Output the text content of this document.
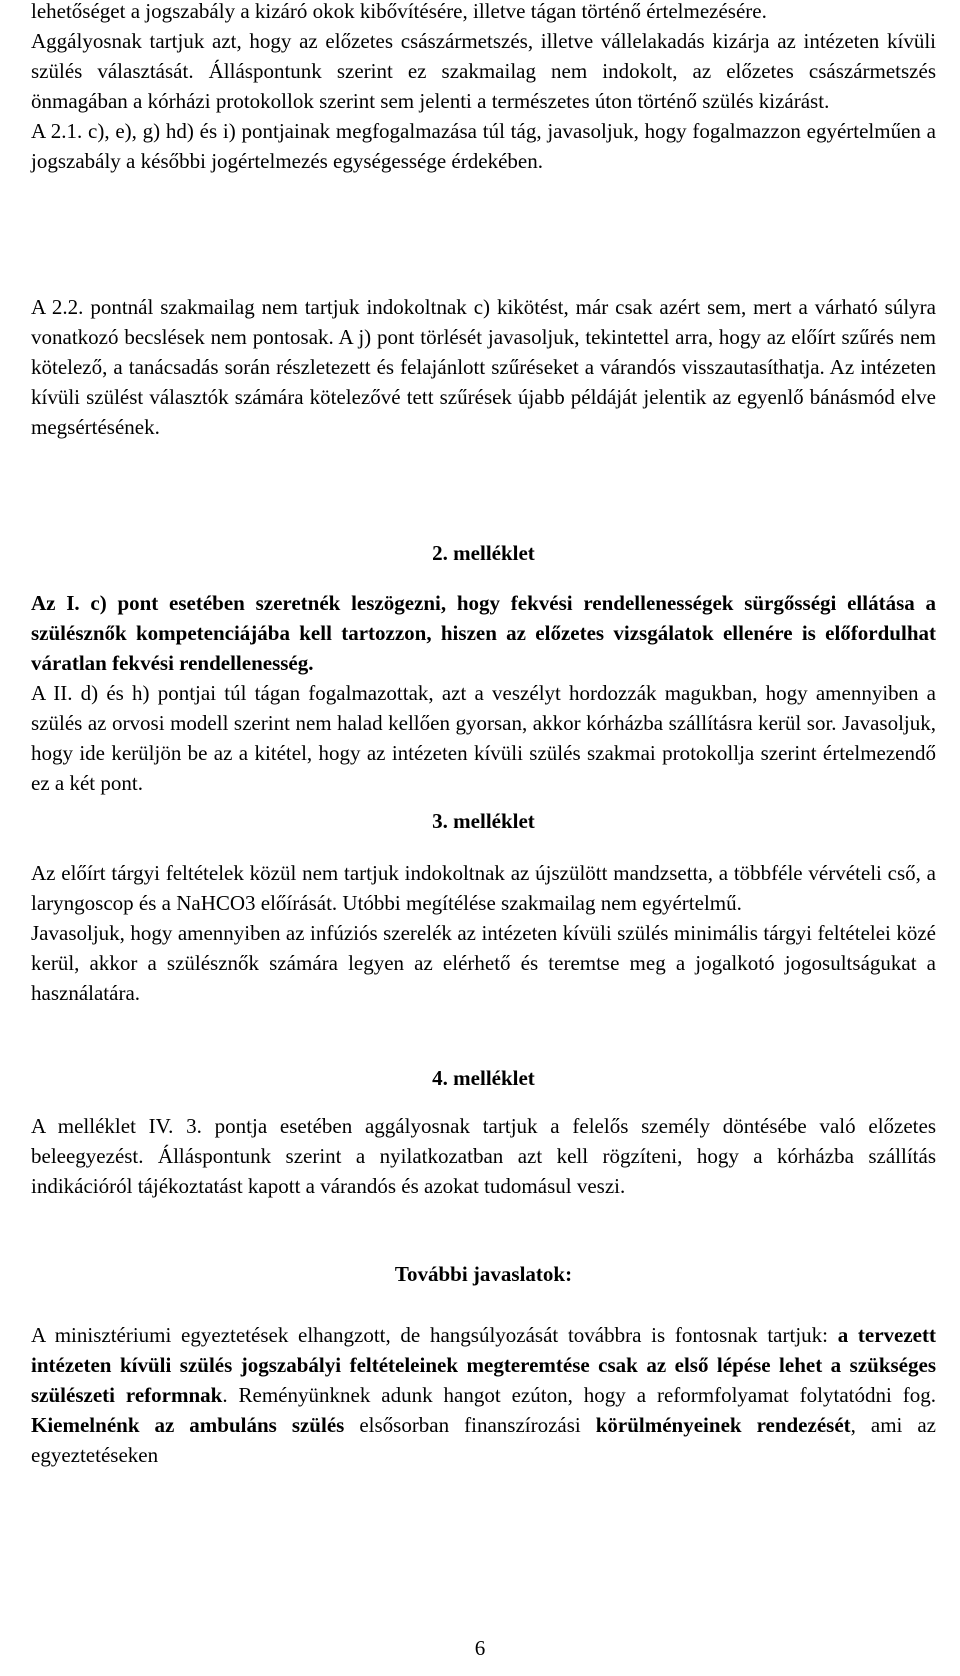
lehetőséget a jogszabály a kizáró okok kibővítésére, illetve tágan történő értelmezésére.

Aggályosnak tartjuk azt, hogy az előzetes császármetszés, illetve vállelakadás kizárja az intézeten kívüli szülés választását. Álláspontunk szerint ez szakmailag nem indokolt, az előzetes császármetszés önmagában a kórházi protokollok szerint sem jelenti a természetes úton történő szülés kizárást.

A 2.1. c), e), g) hd) és i) pontjainak megfogalmazása túl tág, javasoljuk, hogy fogalmazzon egyértelműen a jogszabály a későbbi jogértelmezés egységessége érdekében.

A 2.2. pontnál szakmailag nem tartjuk indokoltnak c) kikötést, már csak azért sem, mert a várható súlyra vonatkozó becslések nem pontosak. A j) pont törlését javasoljuk, tekintettel arra, hogy az előírt szűrés nem kötelező, a tanácsadás során részletezett és felajánlott szűréseket a várandós visszautasíthatja. Az intézeten kívüli szülést választók számára kötelezővé tett szűrések újabb példáját jelentik az egyenlő bánásmód elve megsértésének.

2. melléklet

Az I. c) pont esetében szeretnék leszögezni, hogy fekvési rendellenességek sürgősségi ellátása a szülésznők kompetenciájába kell tartozzon, hiszen az előzetes vizsgálatok ellenére is előfordulhat váratlan fekvési rendellenesség.

A II. d) és h) pontjai túl tágan fogalmazottak, azt a veszélyt hordozzák magukban, hogy amennyiben a szülés az orvosi modell szerint nem halad kellően gyorsan, akkor kórházba szállításra kerül sor. Javasoljuk, hogy ide kerüljön be az a kitétel, hogy az intézeten kívüli szülés szakmai protokollja szerint értelmezendő ez a két pont.

3. melléklet

Az előírt tárgyi feltételek közül nem tartjuk indokoltnak az újszülött mandzsetta, a többféle vérvételi cső, a laryngoscop és a NaHCO3 előírását. Utóbbi megítélése szakmailag nem egyértelmű.

Javasoljuk, hogy amennyiben az infúziós szerelék az intézeten kívüli szülés minimális tárgyi feltételei közé kerül, akkor a szülésznők számára legyen az elérhető és teremtse meg a jogalkotó jogosultságukat a használatára.

4. melléklet

A melléklet IV. 3. pontja esetében aggályosnak tartjuk a felelős személy döntésébe való előzetes beleegyezést. Álláspontunk szerint a nyilatkozatban azt kell rögzíteni, hogy a kórházba szállítás indikációról tájékoztatást kapott a várandós és azokat tudomásul veszi.

További javaslatok:

A minisztériumi egyeztetések elhangzott, de hangsúlyozását továbbra is fontosnak tartjuk: a tervezett intézeten kívüli szülés jogszabályi feltételeinek megteremtése csak az első lépése lehet a szükséges szülészeti reformnak. Reményünknek adunk hangot ezúton, hogy a reformfolyamat folytatódni fog. Kiemelnénk az ambuláns szülés elsősorban finanszírozási körülményeinek rendezését, ami az egyeztetéseken

6
